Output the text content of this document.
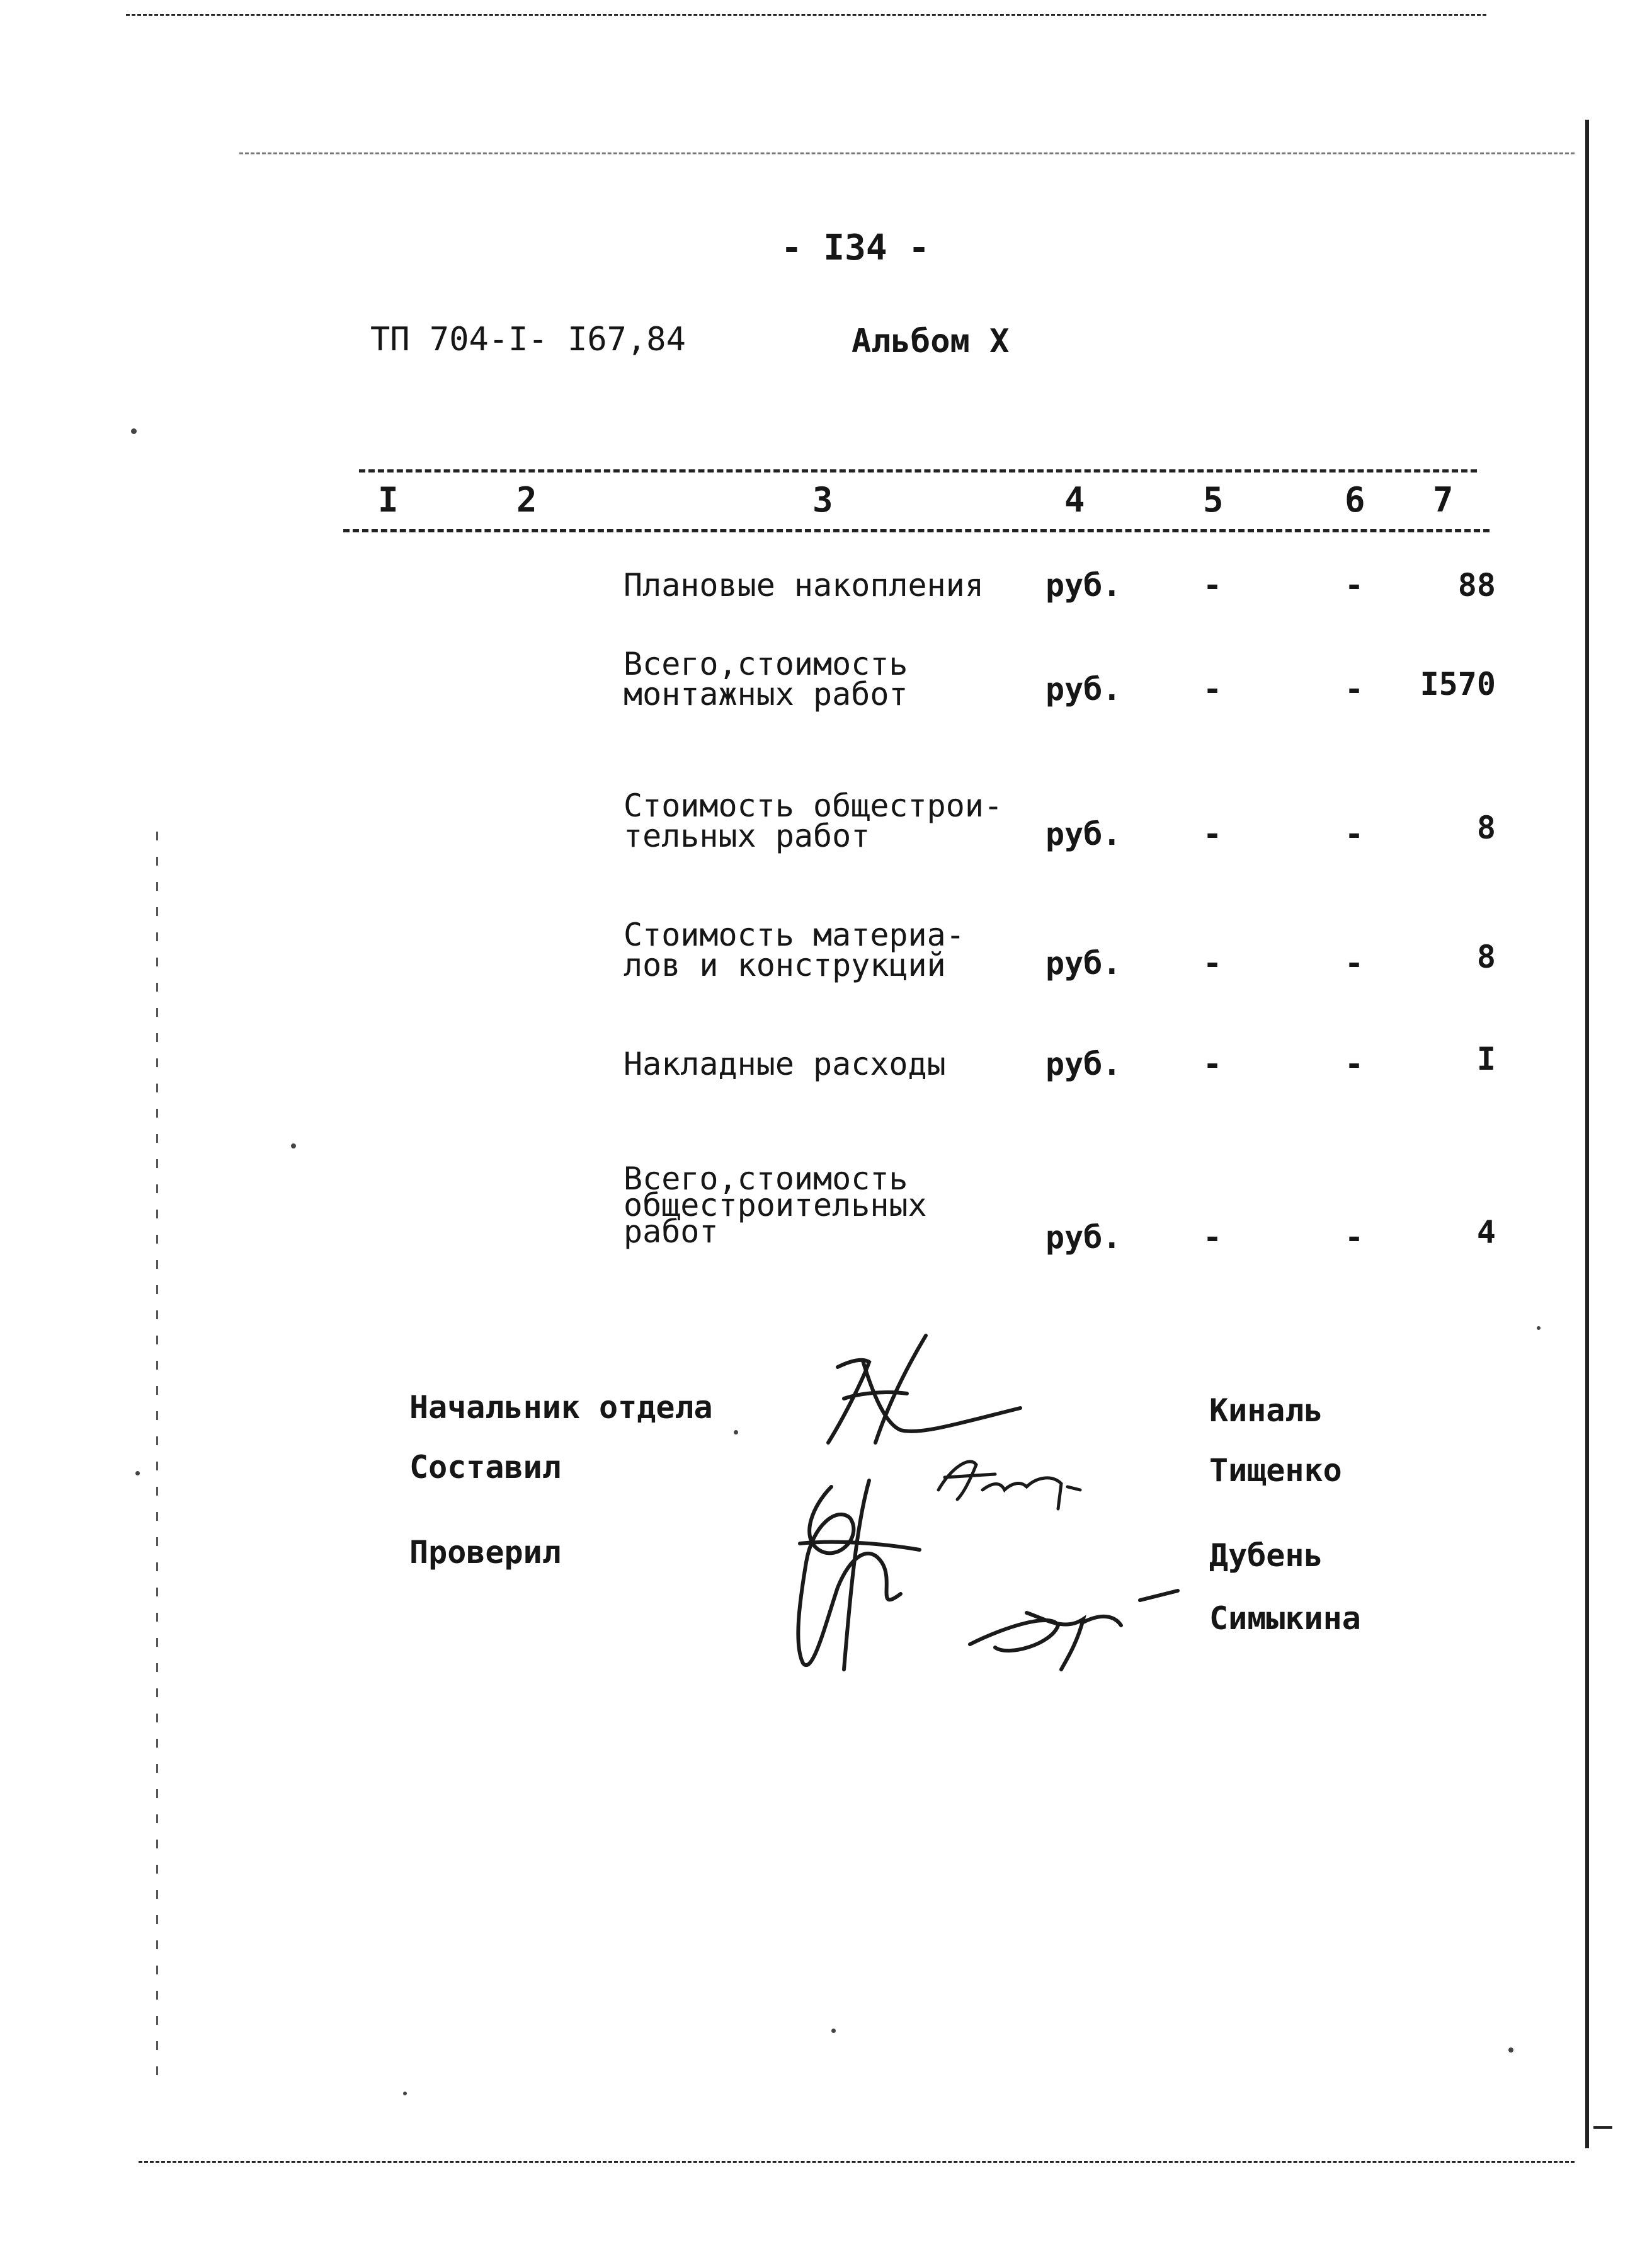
- I34 -
ТП 704-I- I67,84	Альбом X
I	2	3	4	5	6 7
Плановые накопления руб.	-	-	88
Всего,стоимость
монтажных работ	руб.	-	-	I570
Стоимость общестрои-
тельных работ	руб.	-	-	8
Стоимость материа-
лов и конструкций	руб.	-	-	8
Накладные расходы	руб.	-	-	I
Всего,стоимость
общестроительных
работ	руб.	-	-	4
Начальник отдела	Киналь
Составил	Тищенко
Проверил	Дубень
Симыкина
